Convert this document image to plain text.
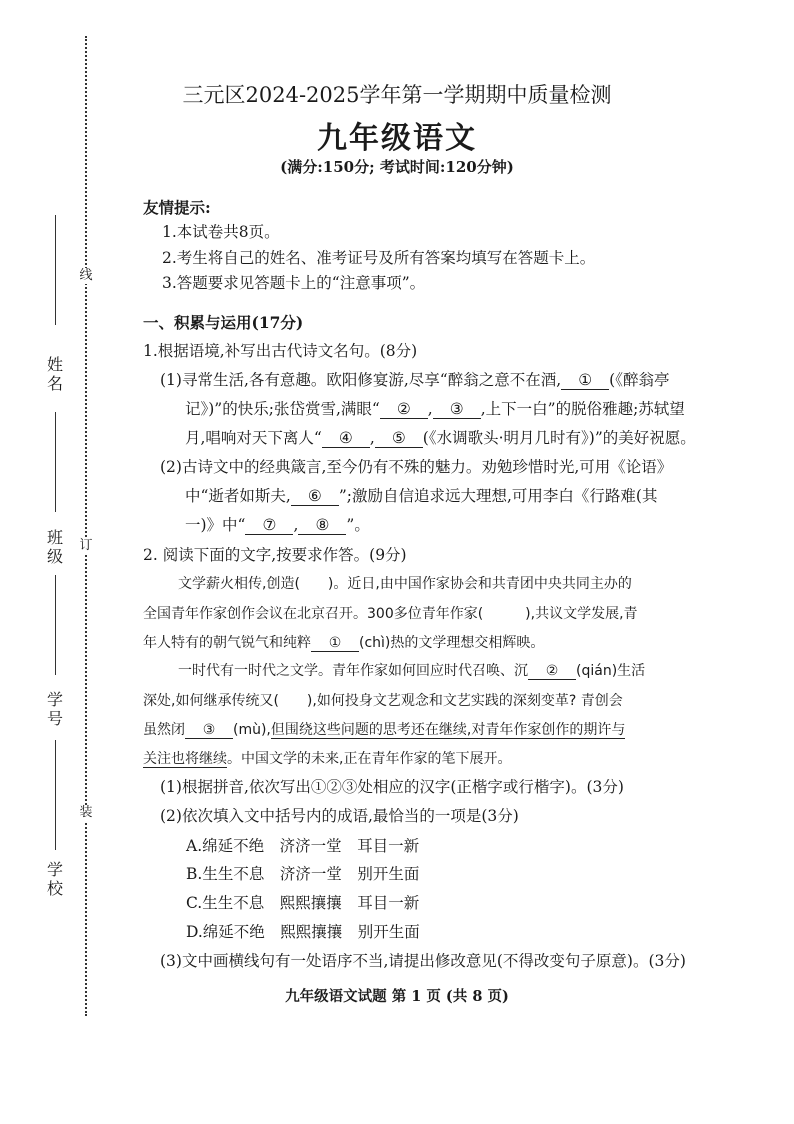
姓名
班级
学号
学校
线
订
装
三元区2024-2025学年第一学期期中质量检测
九年级语文
(满分:150分; 考试时间:120分钟)
友情提示:
1.本试卷共8页。
2.考生将自己的姓名、准考证号及所有答案均填写在答题卡上。
3.答题要求见答题卡上的“注意事项”。
一、积累与运用(17分)
1.根据语境,补写出古代诗文名句。(8分)
(1)寻常生活,各有意趣。欧阳修宴游,尽享“醉翁之意不在酒, ① (《醉翁亭
记》)”的快乐;张岱赏雪,满眼“ ② , ③ ,上下一白”的脱俗雅趣;苏轼望
月,唱响对天下离人“ ④ , ⑤ (《水调歌头·明月几时有》)”的美好祝愿。
(2)古诗文中的经典箴言,至今仍有不殊的魅力。劝勉珍惜时光,可用《论语》
中“逝者如斯夫, ⑥ ”;激励自信追求远大理想,可用李白《行路难(其
一)》中“ ⑦ , ⑧ ”。
2. 阅读下面的文字,按要求作答。(9分)
文学薪火相传,创造(　　)。近日,由中国作家协会和共青团中央共同主办的
全国青年作家创作会议在北京召开。300多位青年作家(　　　),共议文学发展,青
年人特有的朝气锐气和纯粹 ① (chì)热的文学理想交相辉映。
一时代有一时代之文学。青年作家如何回应时代召唤、沉 ② (qián)生活
深处,如何继承传统又(　　),如何投身文艺观念和文艺实践的深刻变革? 青创会
虽然闭 ③ (mù),但围绕这些问题的思考还在继续,对青年作家创作的期许与
关注也将继续。中国文学的未来,正在青年作家的笔下展开。
(1)根据拼音,依次写出①②③处相应的汉字(正楷字或行楷字)。(3分)
(2)依次填入文中括号内的成语,最恰当的一项是(3分)
A.绵延不绝　济济一堂　耳目一新
B.生生不息　济济一堂　别开生面
C.生生不息　熙熙攘攘　耳目一新
D.绵延不绝　熙熙攘攘　别开生面
(3)文中画横线句有一处语序不当,请提出修改意见(不得改变句子原意)。(3分)
九年级语文试题 第 1 页 (共 8 页)
